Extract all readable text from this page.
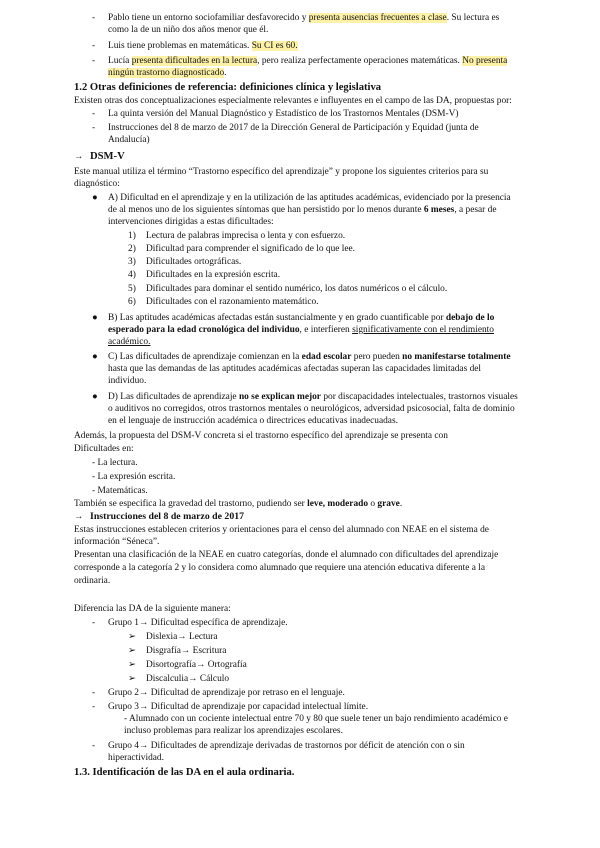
- Pablo tiene un entorno sociofamiliar desfavorecido y presenta ausencias frecuentes a clase. Su lectura es
como la de un niño dos años menor que él.
- Luis tiene problemas en matemáticas. Su CI es 60.
- Lucía presenta dificultades en la lectura, pero realiza perfectamente operaciones matemáticas. No presenta
ningún trastorno diagnosticado.
1.2 Otras definiciones de referencia: definiciones clínica y legislativa
Existen otras dos conceptualizaciones especialmente relevantes e influyentes en el campo de las DA, propuestas por:
- La quinta versión del Manual Diagnóstico y Estadístico de los Trastornos Mentales (DSM-V)
- Instrucciones del 8 de marzo de 2017 de la Dirección General de Participación y Equidad (junta de
Andalucía)
→ DSM-V
Este manual utiliza el término “Trastorno específico del aprendizaje” y propone los siguientes criterios para su
diagnóstico:
● A) Dificultad en el aprendizaje y en la utilización de las aptitudes académicas, evidenciado por la presencia
de al menos uno de los siguientes síntomas que han persistido por lo menos durante 6 meses, a pesar de
intervenciones dirigidas a estas dificultades:
1) Lectura de palabras imprecisa o lenta y con esfuerzo.
2) Dificultad para comprender el significado de lo que lee.
3) Dificultades ortográficas.
4) Dificultades en la expresión escrita.
5) Dificultades para dominar el sentido numérico, los datos numéricos o el cálculo.
6) Dificultades con el razonamiento matemático.
● B) Las aptitudes académicas afectadas están sustancialmente y en grado cuantificable por debajo de lo
esperado para la edad cronológica del individuo, e interfieren significativamente con el rendimiento
académico.
● C) Las dificultades de aprendizaje comienzan en la edad escolar pero pueden no manifestarse totalmente
hasta que las demandas de las aptitudes académicas afectadas superan las capacidades limitadas del
individuo.
● D) Las dificultades de aprendizaje no se explican mejor por discapacidades intelectuales, trastornos visuales
o auditivos no corregidos, otros trastornos mentales o neurológicos, adversidad psicosocial, falta de dominio
en el lenguaje de instrucción académica o directrices educativas inadecuadas.
Además, la propuesta del DSM-V concreta si el trastorno específico del aprendizaje se presenta con
Dificultades en:
- La lectura.
- La expresión escrita.
- Matemáticas.
También se especifica la gravedad del trastorno, pudiendo ser leve, moderado o grave.
→ Instrucciones del 8 de marzo de 2017
Estas instrucciones establecen criterios y orientaciones para el censo del alumnado con NEAE en el sistema de
información “Séneca”.
Presentan una clasificación de la NEAE en cuatro categorías, donde el alumnado con dificultades del aprendizaje
corresponde a la categoría 2 y lo considera como alumnado que requiere una atención educativa diferente a la
ordinaria.
Diferencia las DA de la siguiente manera:
- Grupo 1→ Dificultad específica de aprendizaje.
➢ Dislexia→ Lectura
➢ Disgrafía→ Escritura
➢ Disortografía→ Ortografía
➢ Discalculia→ Cálculo
- Grupo 2→ Dificultad de aprendizaje por retraso en el lenguaje.
- Grupo 3→ Dificultad de aprendizaje por capacidad intelectual límite.
- Alumnado con un cociente intelectual entre 70 y 80 que suele tener un bajo rendimiento académico e
incluso problemas para realizar los aprendizajes escolares.
- Grupo 4→ Dificultades de aprendizaje derivadas de trastornos por déficit de atención con o sin
hiperactividad.
1.3. Identificación de las DA en el aula ordinaria.
